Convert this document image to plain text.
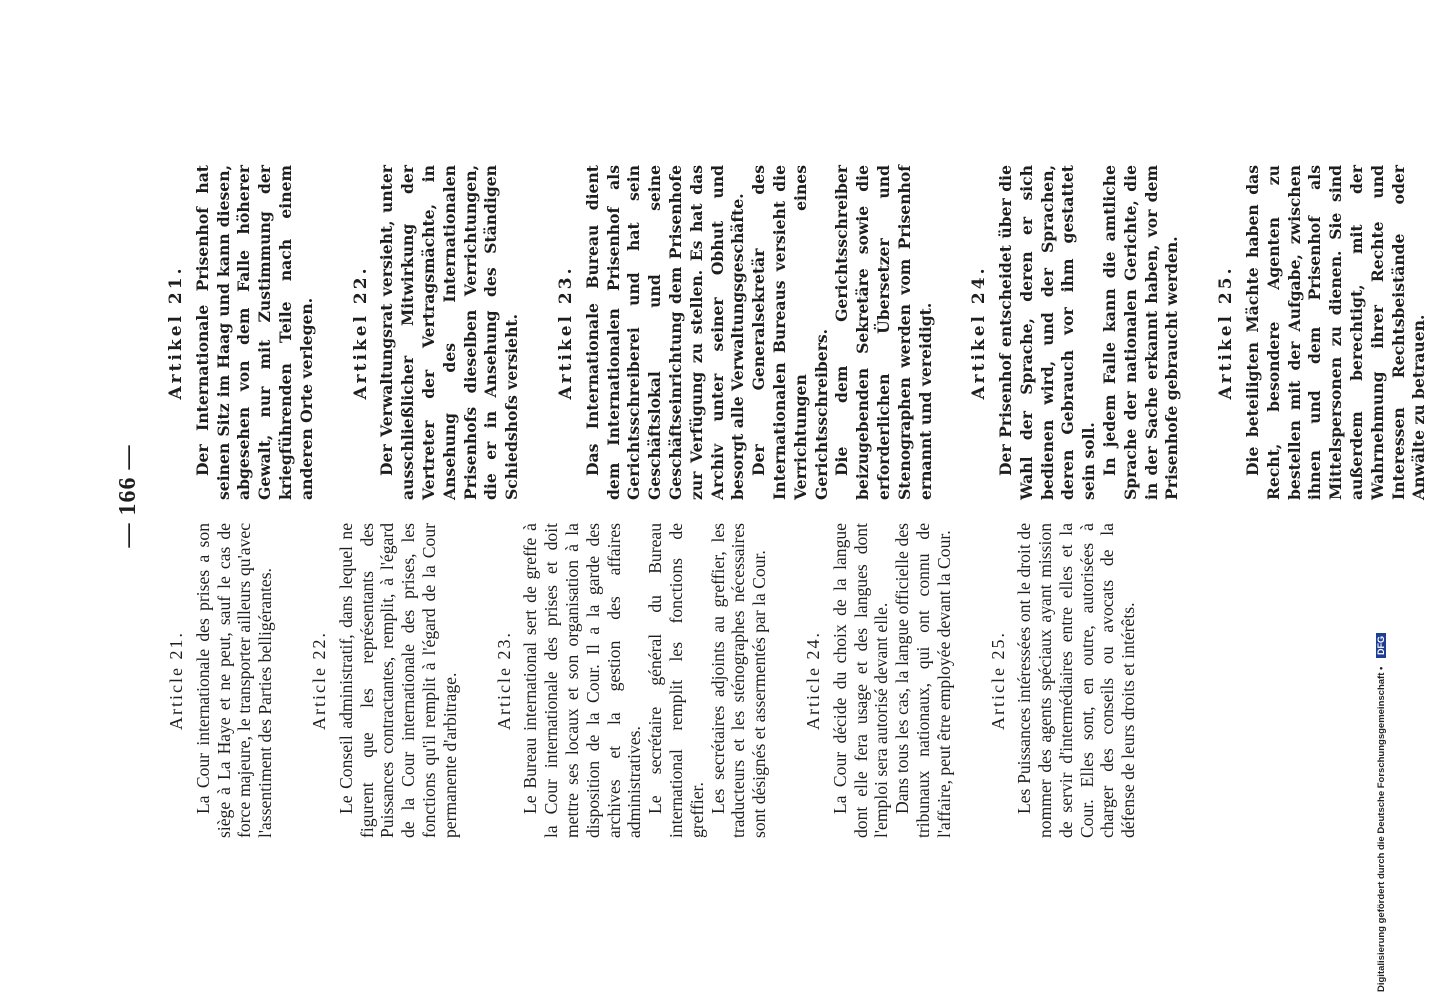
— 166 —
Article 21. La Cour internationale des prises a son siège à La Haye et ne peut, sauf le cas de force majeure, le transporter ailleurs qu'avec l'assentiment des Parties belligérantes. Article 22. Le Conseil administratif, dans lequel ne figurent que les représentants des Puissances contractantes, remplit, à l'égard de la Cour internationale des prises, les fonctions qu'il remplit à l'égard de la Cour permanente d'arbitrage. Article 23. Le Bureau international sert de greffe à la Cour internationale des prises et doit mettre ses locaux et son organisation à la disposition de la Cour. Il a la garde des archives et la gestion des affaires administratives. Le secrétaire général du Bureau international remplit les fonctions de greffier. Les secrétaires adjoints au greffier, les traducteurs et les sténographes nécessaires sont désignés et assermentés par la Cour. Article 24. La Cour décide du choix de la langue dont elle fera usage et des langues dont l'emploi sera autorisé devant elle. Dans tous les cas, la langue officielle des tribunaux nationaux, qui ont connu de l'affaire, peut être employée devant la Cour. Article 25. Les Puissances intéressées ont le droit de nommer des agents spéciaux ayant mission de servir d'intermédiaires entre elles et la Cour. Elles sont, en outre, autorisées à charger des conseils ou avocats de la défense de leurs droits et intérêts.

Artikel 21. Der Internationale Prisenhof hat seinen Sitz im Haag und kann diesen, abgesehen von dem Falle höherer Gewalt, nur mit Zustimmung der kriegführenden Teile nach einem anderen Orte verlegen. Artikel 22. Der Verwaltungsrat versieht, unter ausschließlicher Mitwirkung der Vertreter der Vertragsmächte, in Ansehung des Internationalen Prisenhofs dieselben Verrichtungen, die er in Ansehung des Ständigen Schiedshofs versieht. Artikel 23. Das Internationale Bureau dient dem Internationalen Prisenhof als Gerichtsschreiberei und hat sein Geschäftslokal und seine Geschäftseinrichtung dem Prisenhofe zur Verfügung zu stellen. Es hat das Archiv unter seiner Obhut und besorgt alle Verwaltungsgeschäfte. Der Generalsekretär des Internationalen Bureaus versieht die Verrichtungen eines Gerichtsschreibers. Die dem Gerichtsschreiber beizugebenden Sekretäre sowie die erforderlichen Übersetzer und Stenographen werden vom Prisenhof ernannt und vereidigt. Artikel 24. Der Prisenhof entscheidet über die Wahl der Sprache, deren er sich bedienen wird, und der Sprachen, deren Gebrauch vor ihm gestattet sein soll. In jedem Falle kann die amtliche Sprache der nationalen Gerichte, die in der Sache erkannt haben, vor dem Prisenhofe gebraucht werden. Artikel 25. Die beteiligten Mächte haben das Recht, besondere Agenten zu bestellen mit der Aufgabe, zwischen ihnen und dem Prisenhof als Mittelspersonen zu dienen. Sie sind außerdem berechtigt, mit der Wahrnehmung ihrer Rechte und Interessen Rechtsbeistände oder Anwälte zu betrauen.

Digitalisierung gefördert durch die Deutsche Forschungsgemeinschaft • DFG
